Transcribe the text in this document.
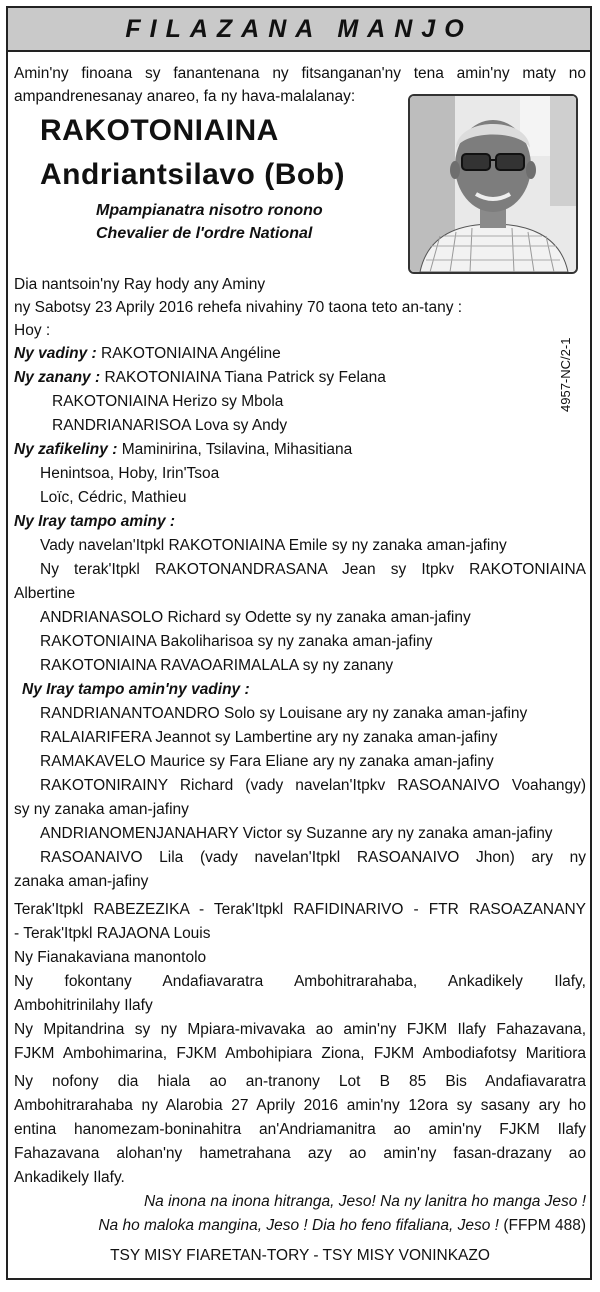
FILAZANA MANJO
Amin'ny finoana sy fanantenana ny fitsanganan'ny tena amin'ny maty no
ampandrenesanay anareo, fa ny hava-malalanay:
RAKOTONIAINA
Andriantsilavo (Bob)
Mpampianatra nisotro ronono
Chevalier de l'ordre National
4957-NC/2-1
Dia nantsoin'ny Ray hody any Aminy
ny Sabotsy 23 Aprily 2016 rehefa nivahiny 70 taona teto an-tany :
Hoy :
Ny vadiny : RAKOTONIAINA Angéline
Ny zanany : RAKOTONIAINA Tiana Patrick sy Felana
RAKOTONIAINA Herizo sy Mbola
RANDRIANARISOA Lova sy Andy
Ny zafikeliny : Maminirina, Tsilavina, Mihasitiana
Henintsoa, Hoby, Irin'Tsoa
Loïc, Cédric, Mathieu
Ny Iray tampo aminy :
Vady navelan'Itpkl RAKOTONIAINA Emile sy ny zanaka aman-jafiny
Ny terak'Itpkl RAKOTONANDRASANA Jean sy Itpkv RAKOTONIAINA
Albertine
ANDRIANASOLO Richard sy Odette sy ny zanaka aman-jafiny
RAKOTONIAINA Bakoliharisoa sy ny zanaka aman-jafiny
RAKOTONIAINA RAVAOARIMALALA sy ny zanany
Ny Iray tampo amin'ny vadiny :
RANDRIANANTOANDRO Solo sy Louisane ary ny zanaka aman-jafiny
RALAIARIFERA Jeannot sy Lambertine ary ny zanaka aman-jafiny
RAMAKAVELO Maurice sy Fara Eliane ary ny zanaka aman-jafiny
RAKOTONIRAINY Richard (vady navelan'Itpkv RASOANAIVO Voahangy)
sy ny zanaka aman-jafiny
ANDRIANOMENJANAHARY Victor sy Suzanne ary ny zanaka aman-jafiny
RASOANAIVO Lila (vady navelan'Itpkl RASOANAIVO Jhon) ary ny
zanaka aman-jafiny
Terak'Itpkl RABEZEZIKA - Terak'Itpkl RAFIDINARIVO - FTR RASOAZANANY
- Terak'Itpkl RAJAONA Louis
Ny Fianakaviana manontolo
Ny fokontany Andafiavaratra Ambohitrarahaba, Ankadikely Ilafy,
Ambohitrinilahy Ilafy
Ny Mpitandrina sy ny Mpiara-mivavaka ao amin'ny FJKM Ilafy Fahazavana,
FJKM Ambohimarina, FJKM Ambohipiara Ziona, FJKM Ambodiafotsy Maritiora
Ny nofony dia hiala ao an-tranony Lot B 85 Bis Andafiavaratra
Ambohitrarahaba ny Alarobia 27 Aprily 2016 amin'ny 12ora sy sasany ary ho
entina hanomezam-boninahitra an'Andriamanitra ao amin'ny FJKM Ilafy
Fahazavana alohan'ny hametrahana azy ao amin'ny fasan-drazany ao
Ankadikely Ilafy.
Na inona na inona hitranga, Jeso! Na ny lanitra ho manga Jeso !
Na ho maloka mangina, Jeso ! Dia ho feno fifaliana, Jeso ! (FFPM 488)
TSY MISY FIARETAN-TORY - TSY MISY VONINKAZO
